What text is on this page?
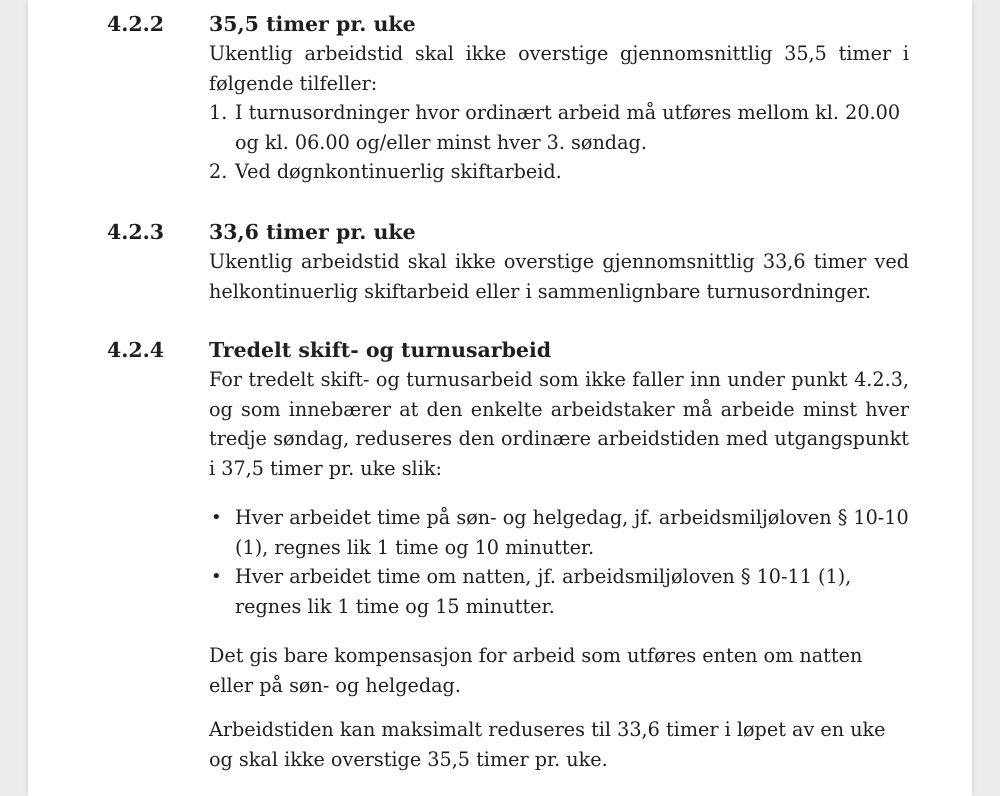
4.2.2 35,5 timer pr. uke

Ukentlig arbeidstid skal ikke overstige gjennomsnittlig 35,5 timer i følgende tilfeller:

1. I turnusordninger hvor ordinært arbeid må utføres mellom kl. 20.00 og kl. 06.00 og/eller minst hver 3. søndag.
2. Ved døgnkontinuerlig skiftarbeid.
4.2.3 33,6 timer pr. uke

Ukentlig arbeidstid skal ikke overstige gjennomsnittlig 33,6 timer ved helkontinuerlig skiftarbeid eller i sammenlignbare turnusordninger.

4.2.4 Tredelt skift- og turnusarbeid

For tredelt skift- og turnusarbeid som ikke faller inn under punkt 4.2.3, og som innebærer at den enkelte arbeidstaker må arbeide minst hver tredje søndag, reduseres den ordinære arbeidstiden med utgangspunkt i 37,5 timer pr. uke slik:

• Hver arbeidet time på søn- og helgedag, jf. arbeidsmiljøloven § 10-10 (1), regnes lik 1 time og 10 minutter.
• Hver arbeidet time om natten, jf. arbeidsmiljøloven § 10-11 (1), regnes lik 1 time og 15 minutter.

Det gis bare kompensasjon for arbeid som utføres enten om natten eller på søn- og helgedag.

Arbeidstiden kan maksimalt reduseres til 33,6 timer i løpet av en uke og skal ikke overstige 35,5 timer pr. uke.
